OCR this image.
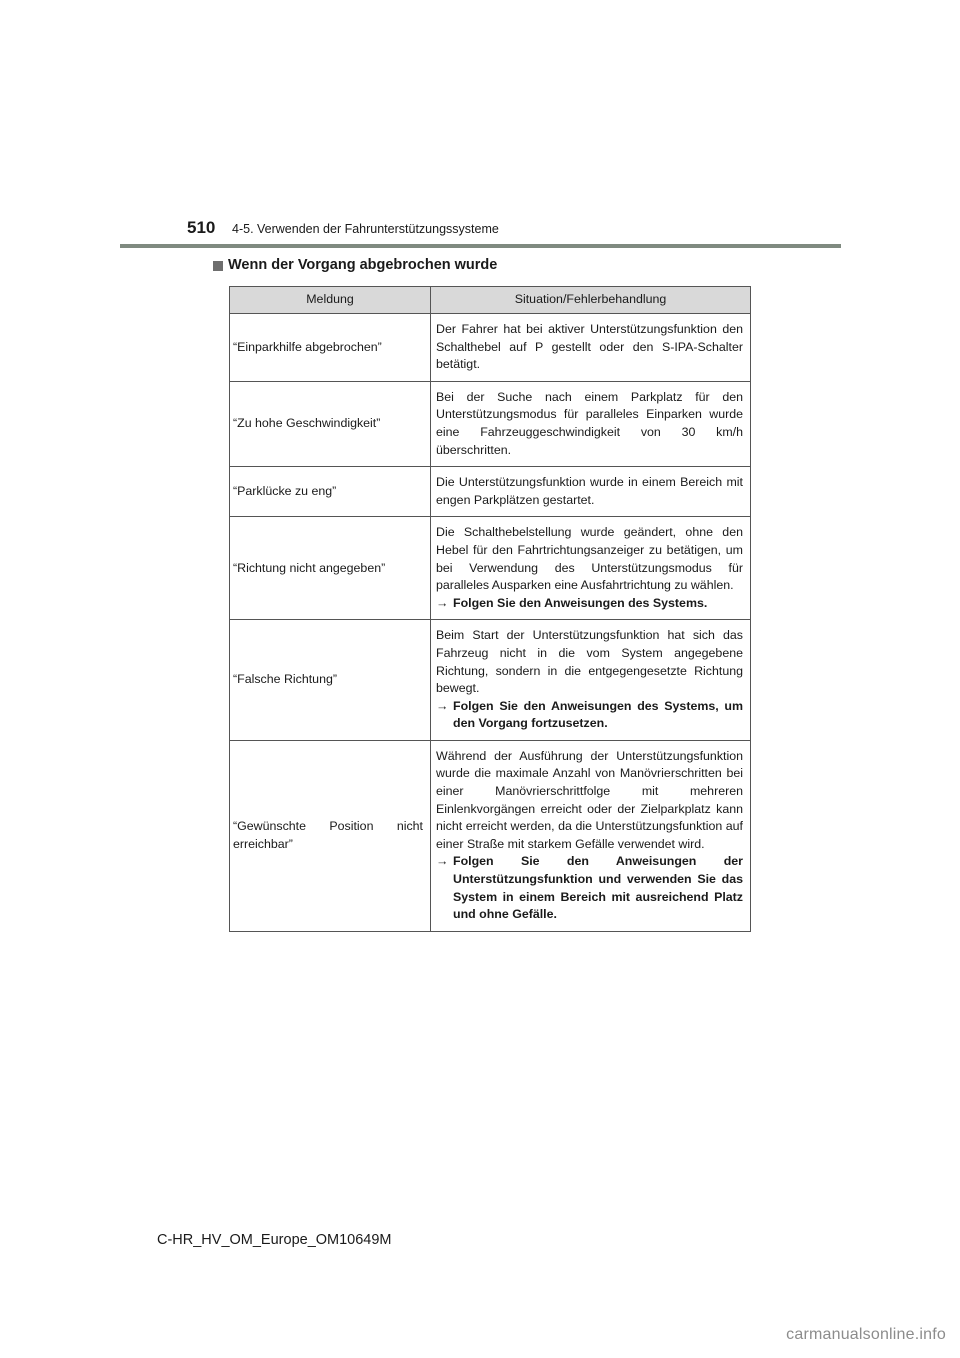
510 4-5. Verwenden der Fahrunterstützungssysteme
Wenn der Vorgang abgebrochen wurde
Meldung	Situation/Fehlerbehandlung
“Einparkhilfe abgebrochen”	Der Fahrer hat bei aktiver Unterstützungsfunktion den Schalthebel auf P gestellt oder den S-IPA-Schalter betätigt.

“Zu hohe Geschwindigkeit”	Bei der Suche nach einem Parkplatz für den Unterstützungsmodus für paralleles Einparken wurde eine Fahrzeuggeschwindigkeit von 30 km/h überschritten.

“Parklücke zu eng”	Die Unterstützungsfunktion wurde in einem Bereich mit engen Parkplätzen gestartet.

“Richtung nicht angegeben”	Die Schalthebelstellung wurde geändert, ohne den Hebel für den Fahrtrichtungsanzeiger zu betätigen, um bei Verwendung des Unterstützungsmodus für paralleles Ausparken eine Ausfahrtrichtung zu wählen.
→ Folgen Sie den Anweisungen des Systems.

“Falsche Richtung”	Beim Start der Unterstützungsfunktion hat sich das Fahrzeug nicht in die vom System angegebene Richtung, sondern in die entgegengesetzte Richtung bewegt.
→ Folgen Sie den Anweisungen des Systems, um den Vorgang fortzusetzen.

“Gewünschte Position nicht erreichbar”	Während der Ausführung der Unterstützungsfunktion wurde die maximale Anzahl von Manövrierschritten bei einer Manövrierschrittfolge mit mehreren Einlenkvorgängen erreicht oder der Zielparkplatz kann nicht erreicht werden, da die Unterstützungsfunktion auf einer Straße mit starkem Gefälle verwendet wird.
→ Folgen Sie den Anweisungen der Unterstützungsfunktion und verwenden Sie das System in einem Bereich mit ausreichend Platz und ohne Gefälle.
C-HR_HV_OM_Europe_OM10649M
carmanualsonline.info
